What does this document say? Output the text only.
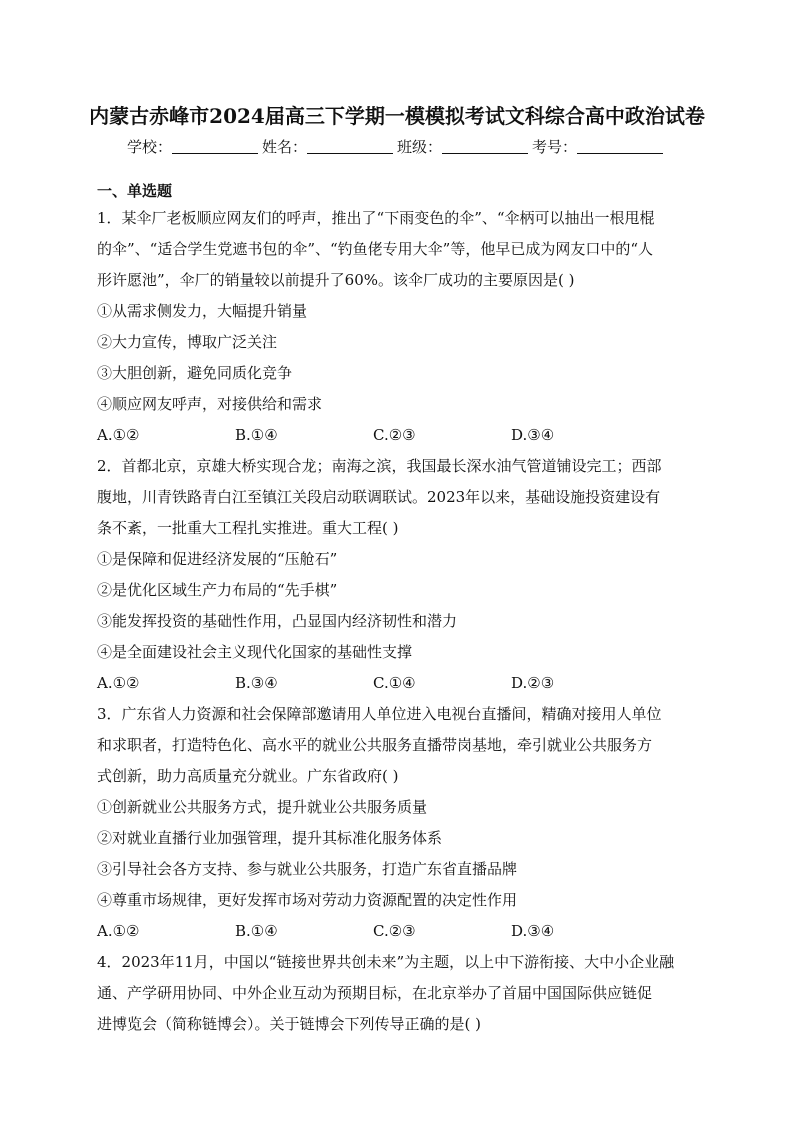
内蒙古赤峰市2024届高三下学期一模模拟考试文科综合高中政治试卷
学校：	姓名：	班级：	考号：
一、单选题
1．某伞厂老板顺应网友们的呼声，推出了“下雨变色的伞”、“伞柄可以抽出一根甩棍
的伞”、“适合学生党遮书包的伞”、“钓鱼佬专用大伞”等，他早已成为网友口中的“人
形许愿池”，伞厂的销量较以前提升了60%。该伞厂成功的主要原因是( )
①从需求侧发力，大幅提升销量
②大力宣传，博取广泛关注
③大胆创新，避免同质化竞争
④顺应网友呼声，对接供给和需求
A.①②	B.①④	C.②③	D.③④
2．首都北京，京雄大桥实现合龙；南海之滨，我国最长深水油气管道铺设完工；西部
腹地，川青铁路青白江至镇江关段启动联调联试。2023年以来，基础设施投资建设有
条不紊，一批重大工程扎实推进。重大工程( )
①是保障和促进经济发展的“压舱石”
②是优化区域生产力布局的“先手棋”
③能发挥投资的基础性作用，凸显国内经济韧性和潜力
④是全面建设社会主义现代化国家的基础性支撑
A.①②	B.③④	C.①④	D.②③
3．广东省人力资源和社会保障部邀请用人单位进入电视台直播间，精确对接用人单位
和求职者，打造特色化、高水平的就业公共服务直播带岗基地，牵引就业公共服务方
式创新，助力高质量充分就业。广东省政府( )
①创新就业公共服务方式，提升就业公共服务质量
②对就业直播行业加强管理，提升其标准化服务体系
③引导社会各方支持、参与就业公共服务，打造广东省直播品牌
④尊重市场规律，更好发挥市场对劳动力资源配置的决定性作用
A.①②	B.①④	C.②③	D.③④
4．2023年11月，中国以“链接世界共创未来”为主题，以上中下游衔接、大中小企业融
通、产学研用协同、中外企业互动为预期目标，在北京举办了首届中国国际供应链促
进博览会（简称链博会）。关于链博会下列传导正确的是( )
